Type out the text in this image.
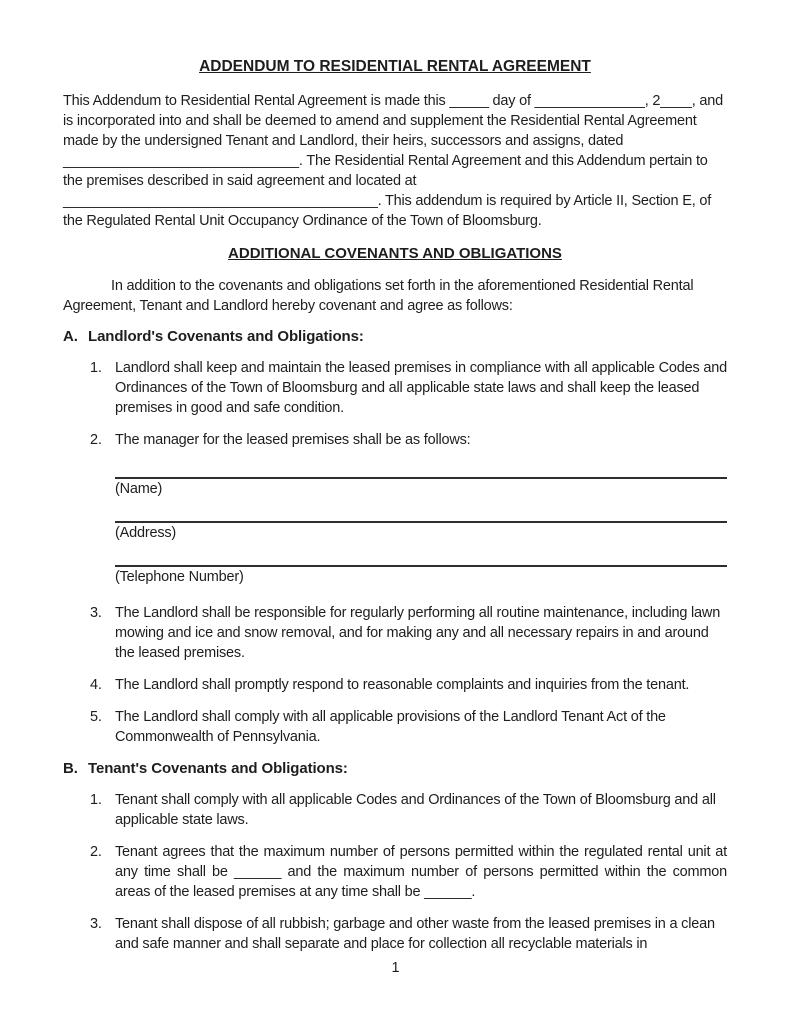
ADDENDUM TO RESIDENTIAL RENTAL AGREEMENT

This Addendum to Residential Rental Agreement is made this _____ day of ______________, 2____, and is incorporated into and shall be deemed to amend and supplement the Residential Rental Agreement made by the undersigned Tenant and Landlord, their heirs, successors and assigns, dated ______________________________. The Residential Rental Agreement and this Addendum pertain to the premises described in said agreement and located at ________________________________________. This addendum is required by Article II, Section E, of the Regulated Rental Unit Occupancy Ordinance of the Town of Bloomsburg.

ADDITIONAL COVENANTS AND OBLIGATIONS

In addition to the covenants and obligations set forth in the aforementioned Residential Rental Agreement, Tenant and Landlord hereby covenant and agree as follows:

A. Landlord's Covenants and Obligations:
1. Landlord shall keep and maintain the leased premises in compliance with all applicable Codes and Ordinances of the Town of Bloomsburg and all applicable state laws and shall keep the leased premises in good and safe condition.
2. The manager for the leased premises shall be as follows:
(Name)
(Address)
(Telephone Number)
3. The Landlord shall be responsible for regularly performing all routine maintenance, including lawn mowing and ice and snow removal, and for making any and all necessary repairs in and around the leased premises.
4. The Landlord shall promptly respond to reasonable complaints and inquiries from the tenant.
5. The Landlord shall comply with all applicable provisions of the Landlord Tenant Act of the Commonwealth of Pennsylvania.
B. Tenant's Covenants and Obligations:
1. Tenant shall comply with all applicable Codes and Ordinances of the Town of Bloomsburg and all applicable state laws.
2. Tenant agrees that the maximum number of persons permitted within the regulated rental unit at any time shall be ______ and the maximum number of persons permitted within the common areas of the leased premises at any time shall be ______.
3. Tenant shall dispose of all rubbish; garbage and other waste from the leased premises in a clean and safe manner and shall separate and place for collection all recyclable materials in
1
